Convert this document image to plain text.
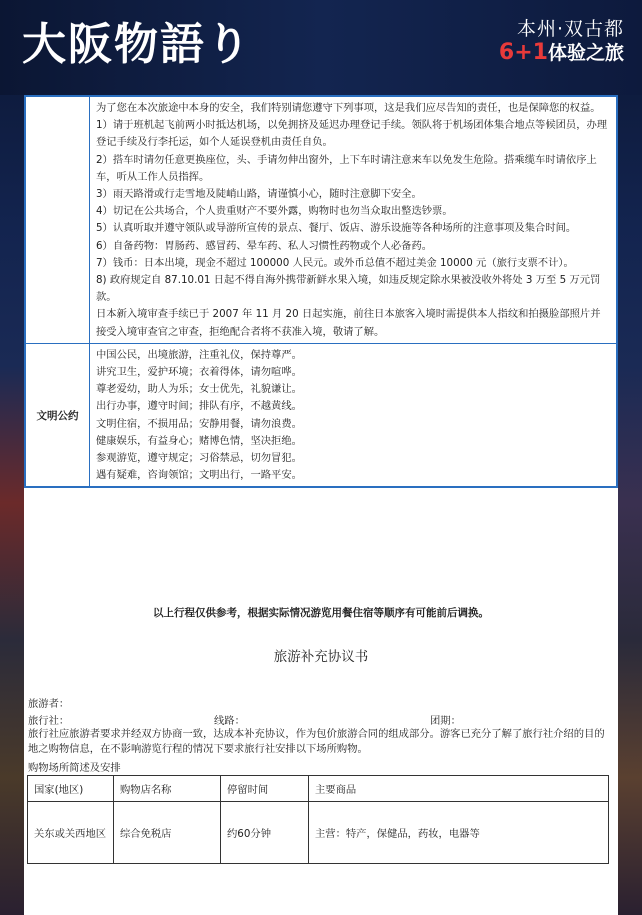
大阪物語り	本州·双古都
6+1体验之旅

为了您在本次旅途中本身的安全，我们特别请您遵守下列事项，这是我们应尽告知的责任，也是保障您的权益。

1）请于班机起飞前两小时抵达机场，以免拥挤及延迟办理登记手续。领队将于机场团体集合地点等候团员，办理登记手续及行李托运，如个人延误登机由责任自负。

2）搭车时请勿任意更换座位，头、手请勿伸出窗外，上下车时请注意来车以免发生危险。搭乘缆车时请依序上车，听从工作人员指挥。

3）雨天路滑或行走雪地及陡峭山路，请谨慎小心，随时注意脚下安全。

4）切记在公共场合，个人贵重财产不要外露，购物时也勿当众取出整迭钞票。

5）认真听取并遵守领队或导游所宣传的景点、餐厅、饭店、游乐设施等各种场所的注意事项及集合时间。

6）自备药物：胃肠药、感冒药、晕车药、私人习惯性药物或个人必备药。

7）钱币：日本出境，现金不超过 100000 人民元。或外币总值不超过美金 10000 元（旅行支票不计）。

8) 政府规定自 87.10.01 日起不得自海外携带新鲜水果入境，如违反规定除水果被没收外将处 3 万至 5 万元罚款。

日本新入境审查手续已于 2007 年 11 月 20 日起实施，前往日本旅客入境时需提供本人指纹和拍摄脸部照片并接受入境审查官之审查，拒绝配合者将不获准入境，敬请了解。

文明公约

中国公民，出境旅游，注重礼仪，保持尊严。

讲究卫生，爱护环境；衣着得体，请勿喧哗。

尊老爱幼，助人为乐；女士优先，礼貌谦让。

出行办事，遵守时间；排队有序，不越黄线。

文明住宿，不损用品；安静用餐，请勿浪费。

健康娱乐，有益身心；赌博色情，坚决拒绝。

参观游览，遵守规定；习俗禁忌，切勿冒犯。

遇有疑难，咨询领馆；文明出行，一路平安。

以上行程仅供参考，根据实际情况游览用餐住宿等顺序有可能前后调换。
旅游补充协议书
旅游者：
旅行社：	线路：	团期：
旅行社应旅游者要求并经双方协商一致，达成本补充协议，作为包价旅游合同的组成部分。游客已充分了解了旅行社介绍的目的地之购物信息，在不影响游览行程的情况下要求旅行社安排以下场所购物。
购物场所简述及安排
国家(地区)	购物店名称	停留时间	主要商品
关东或关西地区	综合免税店	约60分钟	主营：特产，保健品，药妆，电器等
